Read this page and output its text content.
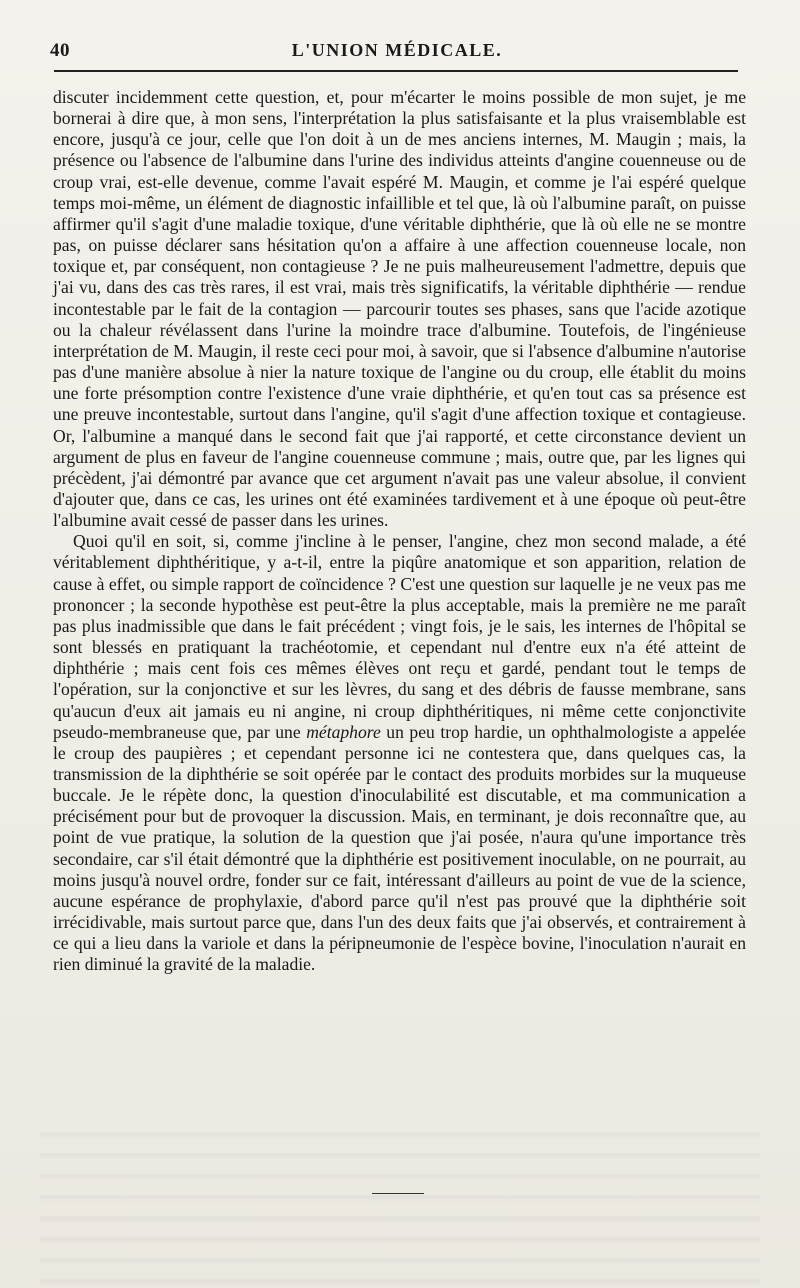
40	L'UNION MÉDICALE.

discuter incidemment cette question, et, pour m'écarter le moins possible de mon sujet, je me bornerai à dire que, à mon sens, l'interprétation la plus satisfaisante et la plus vraisemblable est encore, jusqu'à ce jour, celle que l'on doit à un de mes anciens internes, M. Maugin ; mais, la présence ou l'absence de l'albumine dans l'urine des individus atteints d'angine couenneuse ou de croup vrai, est-elle devenue, comme l'avait espéré M. Maugin, et comme je l'ai espéré quelque temps moi-même, un élément de diagnostic infaillible et tel que, là où l'albumine paraît, on puisse affirmer qu'il s'agit d'une maladie toxique, d'une véritable diphthérie, que là où elle ne se montre pas, on puisse déclarer sans hésitation qu'on a affaire à une affection couenneuse locale, non toxique et, par conséquent, non contagieuse ? Je ne puis malheureusement l'admettre, depuis que j'ai vu, dans des cas très rares, il est vrai, mais très significatifs, la véritable diphthérie — rendue incontestable par le fait de la contagion — parcourir toutes ses phases, sans que l'acide azotique ou la chaleur révélassent dans l'urine la moindre trace d'albumine. Toutefois, de l'ingénieuse interprétation de M. Maugin, il reste ceci pour moi, à savoir, que si l'absence d'albumine n'autorise pas d'une manière absolue à nier la nature toxique de l'angine ou du croup, elle établit du moins une forte présomption contre l'existence d'une vraie diphthérie, et qu'en tout cas sa présence est une preuve incontestable, surtout dans l'angine, qu'il s'agit d'une affection toxique et contagieuse. Or, l'albumine a manqué dans le second fait que j'ai rapporté, et cette circonstance devient un argument de plus en faveur de l'angine couenneuse commune ; mais, outre que, par les lignes qui précèdent, j'ai démontré par avance que cet argument n'avait pas une valeur absolue, il convient d'ajouter que, dans ce cas, les urines ont été examinées tardivement et à une époque où peut-être l'albumine avait cessé de passer dans les urines.

Quoi qu'il en soit, si, comme j'incline à le penser, l'angine, chez mon second malade, a été véritablement diphthéritique, y a-t-il, entre la piqûre anatomique et son apparition, relation de cause à effet, ou simple rapport de coïncidence ? C'est une question sur laquelle je ne veux pas me prononcer ; la seconde hypothèse est peut-être la plus acceptable, mais la première ne me paraît pas plus inadmissible que dans le fait précédent ; vingt fois, je le sais, les internes de l'hôpital se sont blessés en pratiquant la trachéotomie, et cependant nul d'entre eux n'a été atteint de diphthérie ; mais cent fois ces mêmes élèves ont reçu et gardé, pendant tout le temps de l'opération, sur la conjonctive et sur les lèvres, du sang et des débris de fausse membrane, sans qu'aucun d'eux ait jamais eu ni angine, ni croup diphthéritiques, ni même cette conjonctivite pseudo-membraneuse que, par une métaphore un peu trop hardie, un ophthalmologiste a appelée le croup des paupières ; et cependant personne ici ne contestera que, dans quelques cas, la transmission de la diphthérie se soit opérée par le contact des produits morbides sur la muqueuse buccale. Je le répète donc, la question d'inoculabilité est discutable, et ma communication a précisément pour but de provoquer la discussion. Mais, en terminant, je dois reconnaître que, au point de vue pratique, la solution de la question que j'ai posée, n'aura qu'une importance très secondaire, car s'il était démontré que la diphthérie est positivement inoculable, on ne pourrait, au moins jusqu'à nouvel ordre, fonder sur ce fait, intéressant d'ailleurs au point de vue de la science, aucune espérance de prophylaxie, d'abord parce qu'il n'est pas prouvé que la diphthérie soit irrécidivable, mais surtout parce que, dans l'un des deux faits que j'ai observés, et contrairement à ce qui a lieu dans la variole et dans la péripneumonie de l'espèce bovine, l'inoculation n'aurait en rien diminué la gravité de la maladie.
